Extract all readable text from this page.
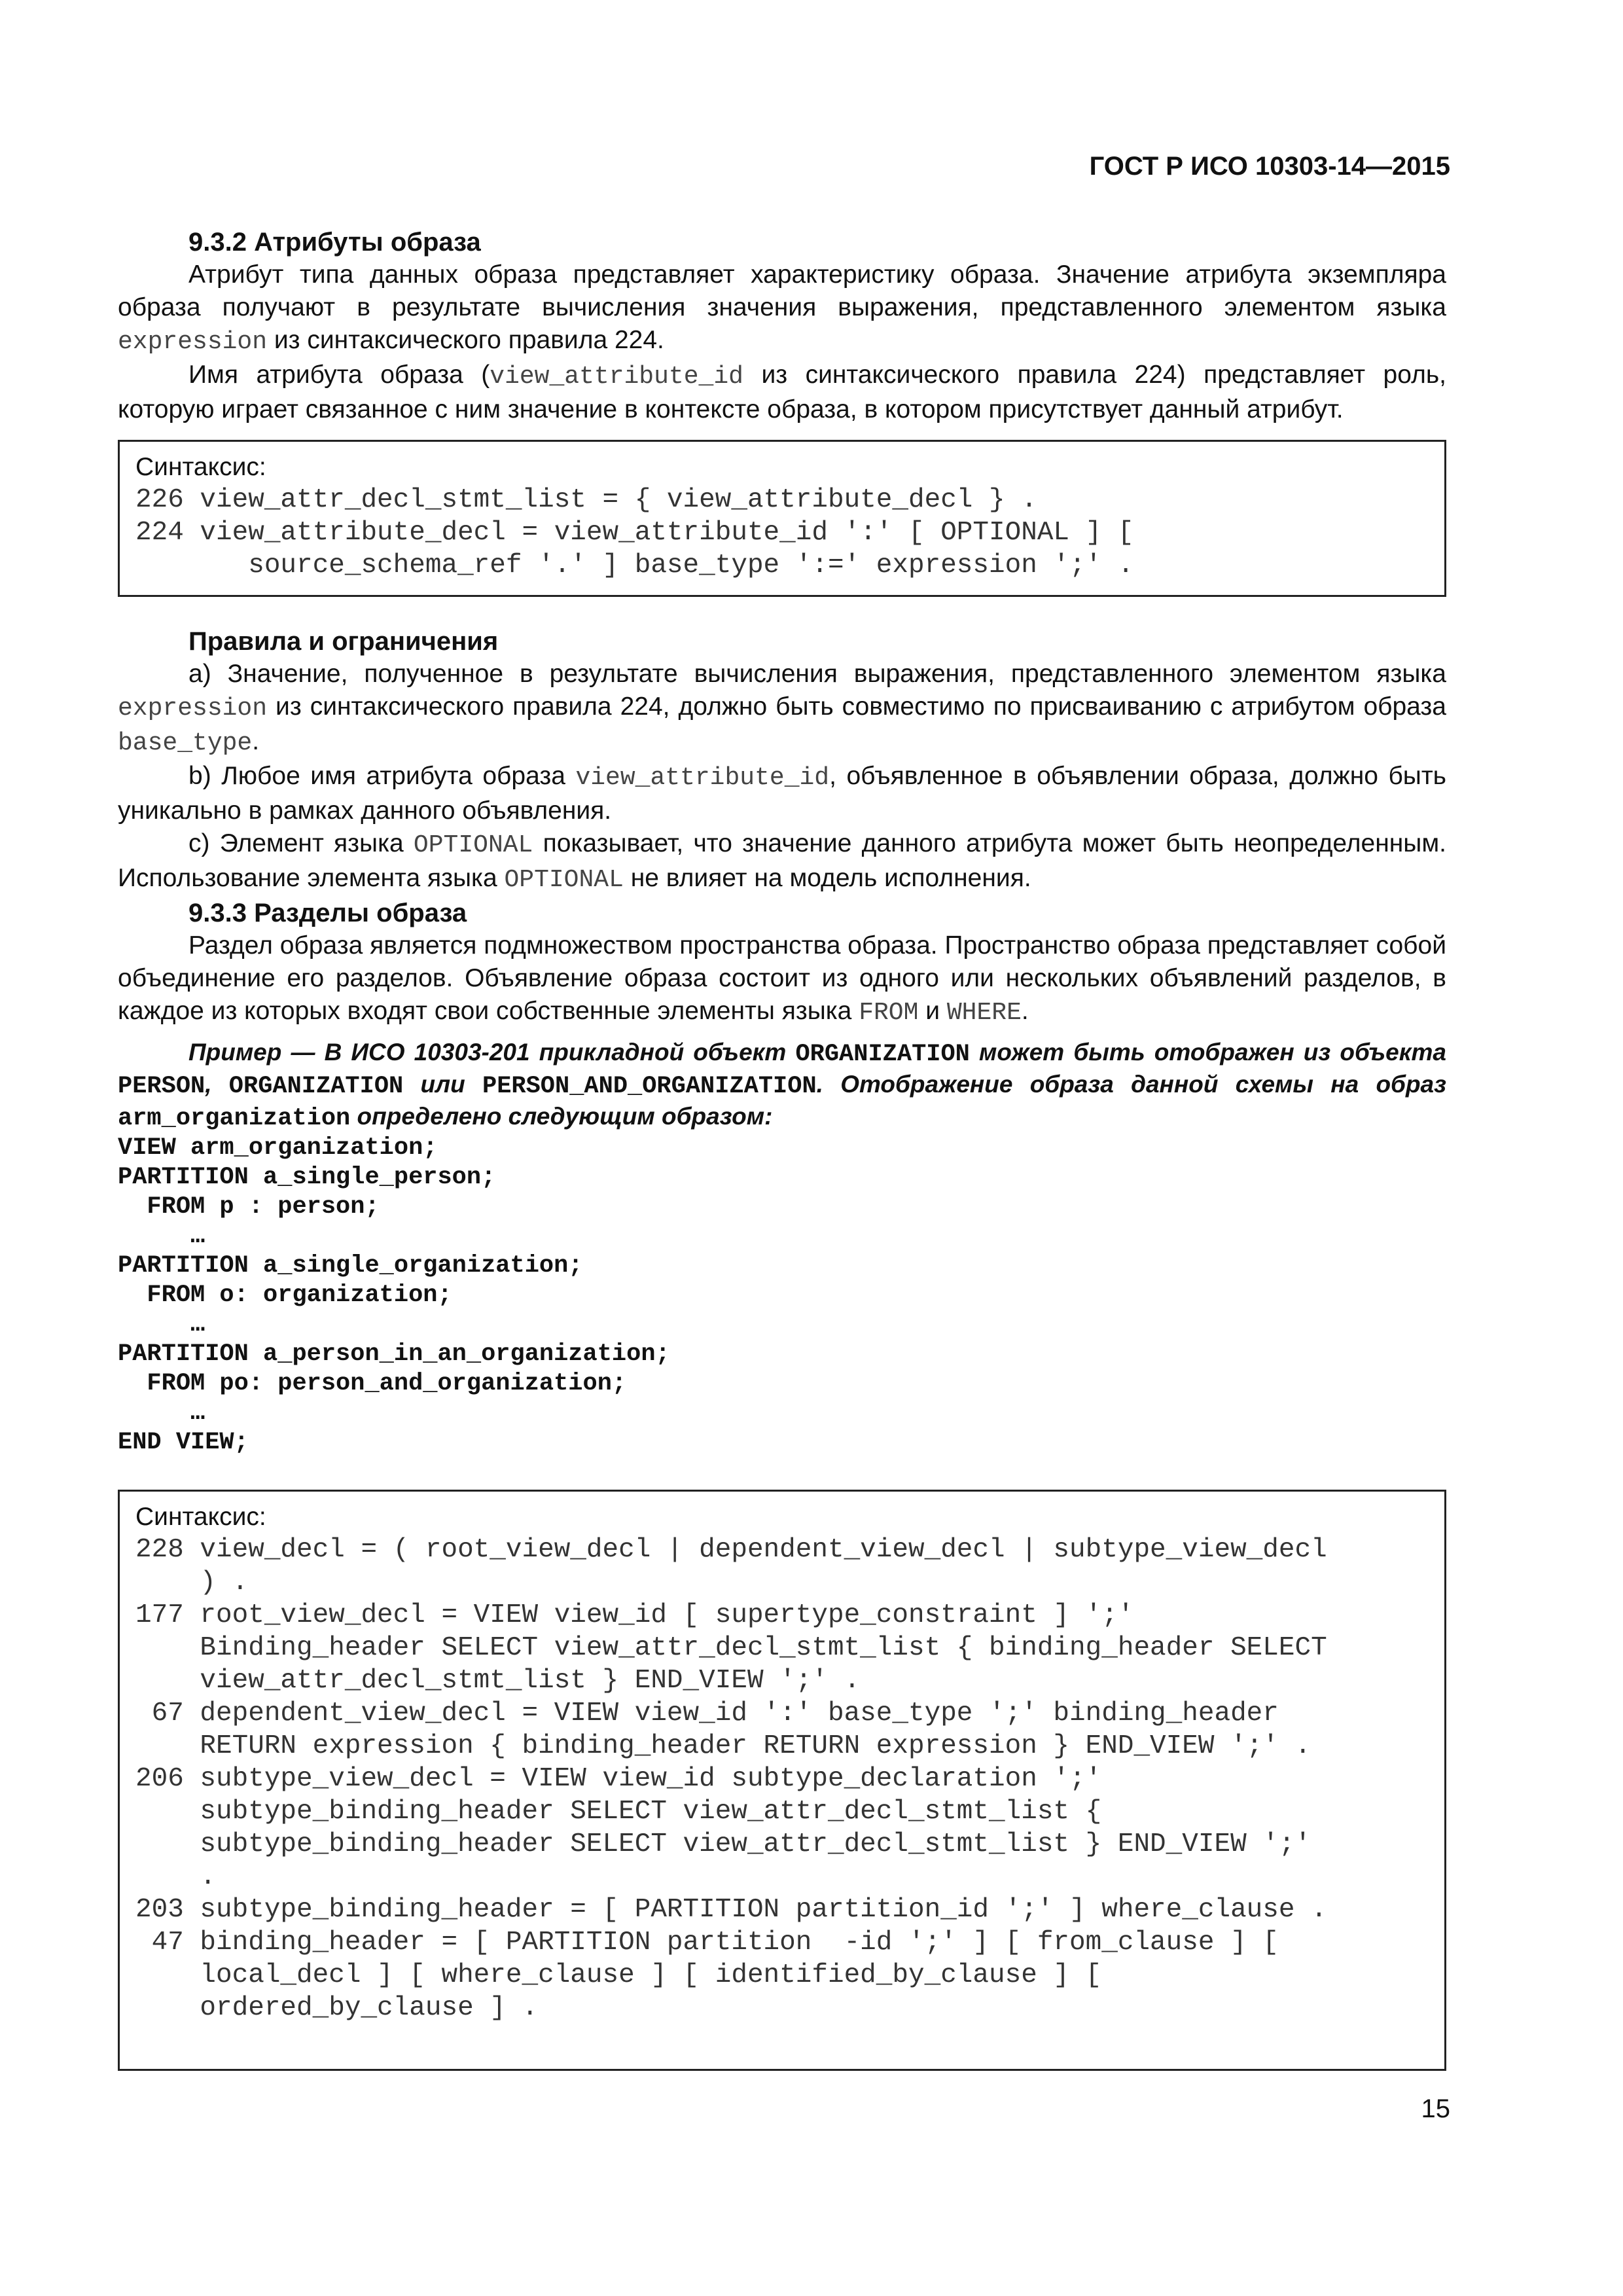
ГОСТ Р ИСО 10303-14—2015

9.3.2 Атрибуты образа

Атрибут типа данных образа представляет характеристику образа. Значение атрибута экземпляра образа получают в результате вычисления значения выражения, представленного элементом языка expression из синтаксического правила 224.

Имя атрибута образа (view_attribute_id из синтаксического правила 224) представляет роль, которую играет связанное с ним значение в контексте образа, в котором присутствует данный атрибут.

Синтаксис:
226 view_attr_decl_stmt_list = { view_attribute_decl } .
224 view_attribute_decl = view_attribute_id ':' [ OPTIONAL ] [
source_schema_ref '.' ] base_type ':=' expression ';' .

Правила и ограничения

a) Значение, полученное в результате вычисления выражения, представленного элементом языка expression из синтаксического правила 224, должно быть совместимо по присваиванию с атрибутом образа base_type.

b) Любое имя атрибута образа view_attribute_id, объявленное в объявлении образа, должно быть уникально в рамках данного объявления.

c) Элемент языка OPTIONAL показывает, что значение данного атрибута может быть неопределенным. Использование элемента языка OPTIONAL не влияет на модель исполнения.

9.3.3 Разделы образа

Раздел образа является подмножеством пространства образа. Пространство образа представляет собой объединение его разделов. Объявление образа состоит из одного или нескольких объявлений разделов, в каждое из которых входят свои собственные элементы языка FROM и WHERE.

Пример — В ИСО 10303-201 прикладной объект ORGANIZATION может быть отображен из объекта PERSON, ORGANIZATION или PERSON_AND_ORGANIZATION. Отображение образа данной схемы на образ arm_organization определено следующим образом:

VIEW arm_organization;
PARTITION a_single_person;
FROM p : person;
…
PARTITION a_single_organization;
FROM o: organization;
…
PARTITION a_person_in_an_organization;
FROM po: person_and_organization;
…
END VIEW;
Синтаксис:
228 view_decl = ( root_view_decl | dependent_view_decl | subtype_view_decl
) .
177 root_view_decl = VIEW view_id [ supertype_constraint ] ';'
Binding_header SELECT view_attr_decl_stmt_list { binding_header SELECT
view_attr_decl_stmt_list } END_VIEW ';' .
67 dependent_view_decl = VIEW view_id ':' base_type ';' binding_header
RETURN expression { binding_header RETURN expression } END_VIEW ';' .
206 subtype_view_decl = VIEW view_id subtype_declaration ';'
subtype_binding_header SELECT view_attr_decl_stmt_list {
subtype_binding_header SELECT view_attr_decl_stmt_list } END_VIEW ';'
.
203 subtype_binding_header = [ PARTITION partition_id ';' ] where_clause .
47 binding_header = [ PARTITION partition  -id ';' ] [ from_clause ] [
local_decl ] [ where_clause ] [ identified_by_clause ] [
ordered_by_clause ] .
15
